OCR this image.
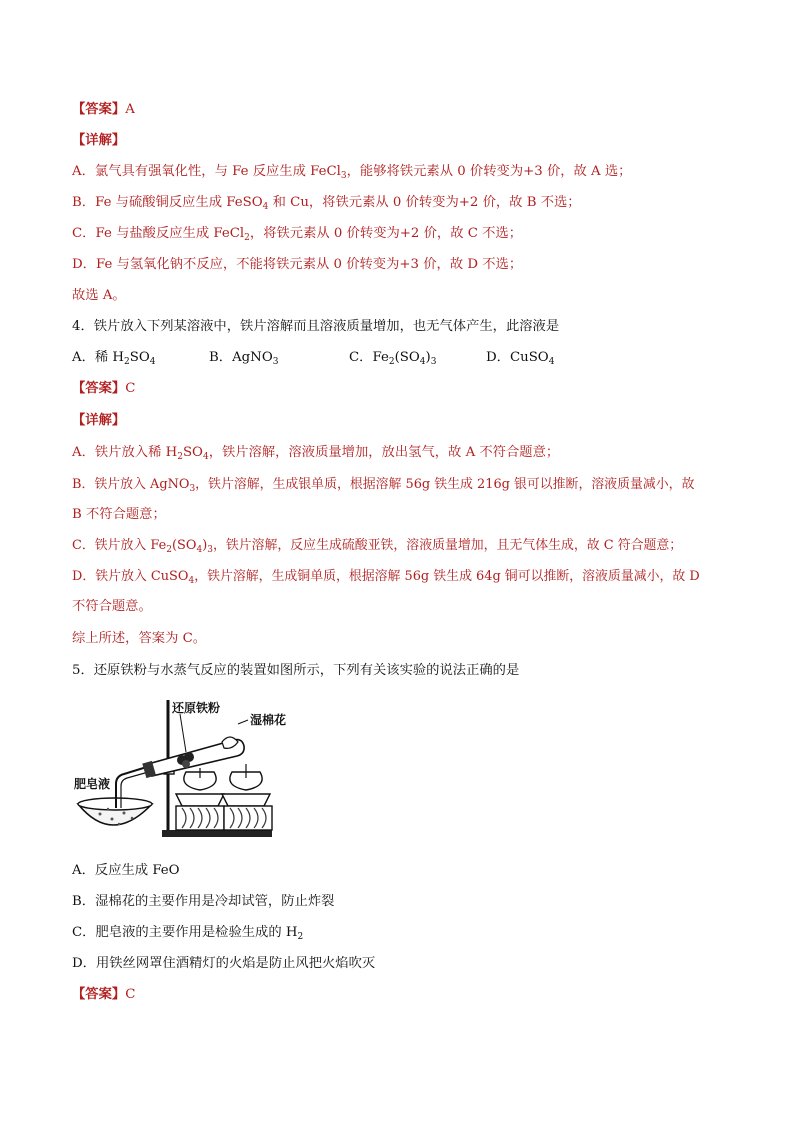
【答案】A
【详解】
A．氯气具有强氧化性，与 Fe 反应生成 FeCl$_3$，能够将铁元素从 0 价转变为+3 价，故 A 选；
B．Fe 与硫酸铜反应生成 FeSO$_4$ 和 Cu，将铁元素从 0 价转变为+2 价，故 B 不选；
C．Fe 与盐酸反应生成 FeCl$_2$，将铁元素从 0 价转变为+2 价，故 C 不选；
D．Fe 与氢氧化钠不反应，不能将铁元素从 0 价转变为+3 价，故 D 不选；
故选 A。
4．铁片放入下列某溶液中，铁片溶解而且溶液质量增加，也无气体产生，此溶液是
A．稀 $H_2SO_4$	B．AgNO$_3$	C．$Fe_2(SO_4)_3$	D．CuSO$_4$
【答案】C
【详解】
A．铁片放入稀 $H_2SO_4$，铁片溶解，溶液质量增加，放出氢气，故 A 不符合题意；
B．铁片放入 AgNO$_3$，铁片溶解，生成银单质，根据溶解 56g 铁生成 216g 银可以推断，溶液质量减小，故
B 不符合题意；
C．铁片放入 $Fe_2(SO_4)_3$，铁片溶解，反应生成硫酸亚铁，溶液质量增加，且无气体生成，故 C 符合题意；
D．铁片放入 CuSO$_4$，铁片溶解，生成铜单质，根据溶解 56g 铁生成 64g 铜可以推断，溶液质量减小，故 D
不符合题意。
综上所述，答案为 C。
5．还原铁粉与水蒸气反应的装置如图所示，下列有关该实验的说法正确的是
还原铁粉
湿棉花
肥皂液
A．反应生成 FeO
B．湿棉花的主要作用是冷却试管，防止炸裂
C．肥皂液的主要作用是检验生成的 $H_2$
D．用铁丝网罩住酒精灯的火焰是防止风把火焰吹灭
【答案】C
